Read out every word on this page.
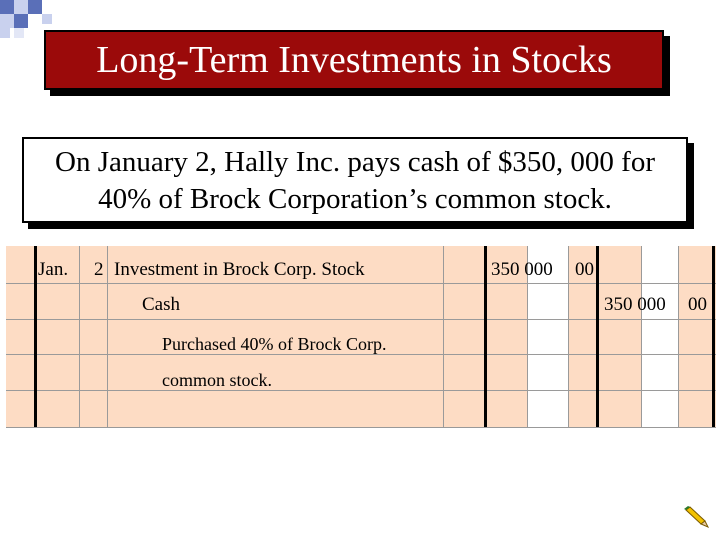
Long-Term Investments in Stocks
On January 2, Hally Inc. pays cash of $350, 000 for
40% of Brock Corporation’s common stock.
Jan. 2 Investment in Brock Corp. Stock	350 000 00
Cash	350 000 00
Purchased 40% of Brock Corp.
common stock.
